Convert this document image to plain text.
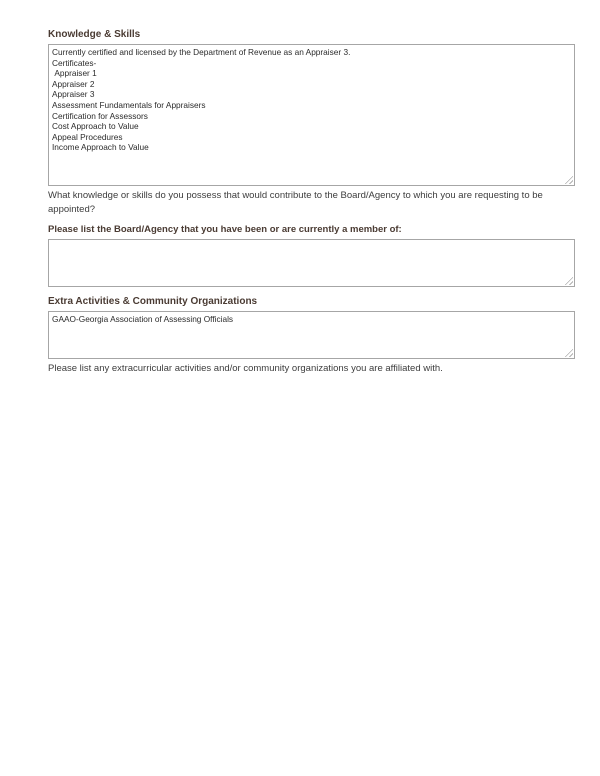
Knowledge & Skills
Currently certified and licensed by the Department of Revenue as an Appraiser 3. Certificates- Appraiser 1 Appraiser 2 Appraiser 3 Assessment Fundamentals for Appraisers Certification for Assessors Cost Approach to Value Appeal Procedures Income Approach to Value

What knowledge or skills do you possess that would contribute to the Board/Agency to which you are requesting to be appointed?

Please list the Board/Agency that you have been or are currently a member of:

Extra Activities & Community Organizations
GAAO-Georgia Association of Assessing Officials

Please list any extracurricular activities and/or community organizations you are affiliated with.
